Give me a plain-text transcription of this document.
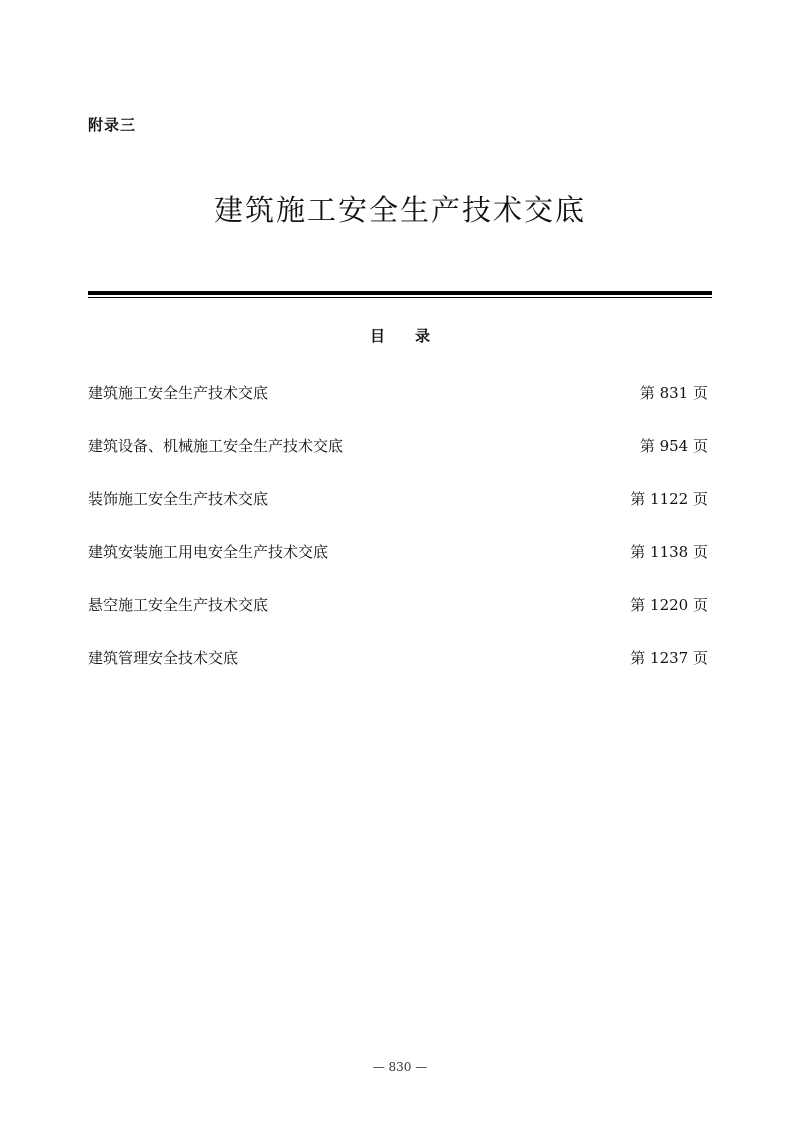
附录三
建筑施工安全生产技术交底
目 录
建筑施工安全生产技术交底	第 831 页
建筑设备、机械施工安全生产技术交底	第 954 页
装饰施工安全生产技术交底	第 1122 页
建筑安装施工用电安全生产技术交底	第 1138 页
悬空施工安全生产技术交底	第 1220 页
建筑管理安全技术交底	第 1237 页
— 830 —
